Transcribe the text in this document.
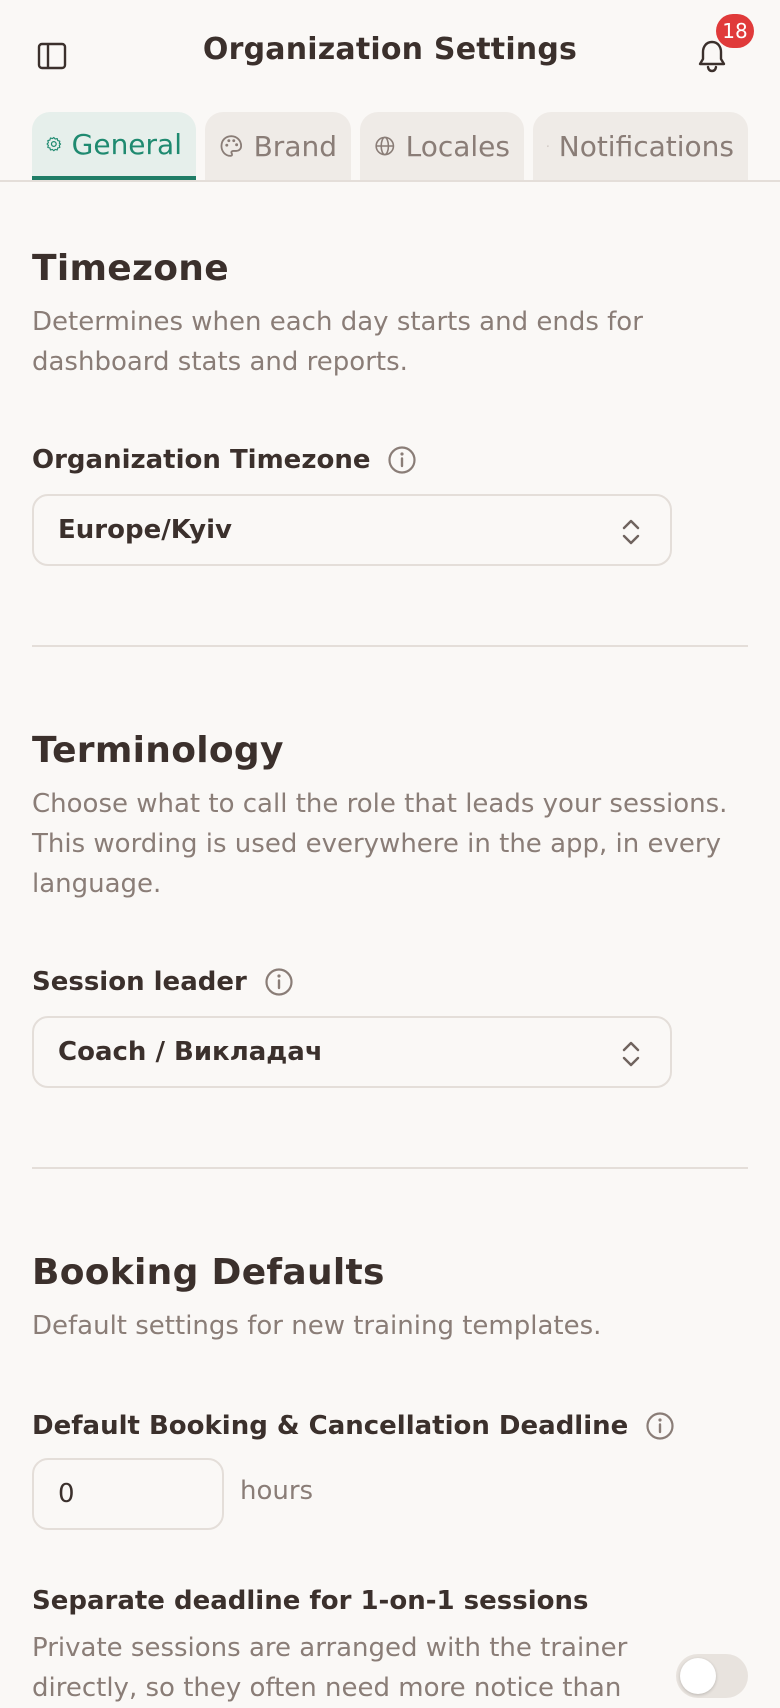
Organization Settings
18
General	Brand Locales Notifications
Timezone
Determines when each day starts and ends for dashboard stats and reports.
Organization Timezone
Europe/Kyiv
Terminology
Choose what to call the role that leads your sessions. This wording is used everywhere in the app, in every language.
Session leader
Coach / Викладач
Booking Defaults
Default settings for new training templates.
Default Booking & Cancellation Deadline
0
hours
Separate deadline for 1-on-1 sessions
Private sessions are arranged with the trainer directly, so they often need more notice than
